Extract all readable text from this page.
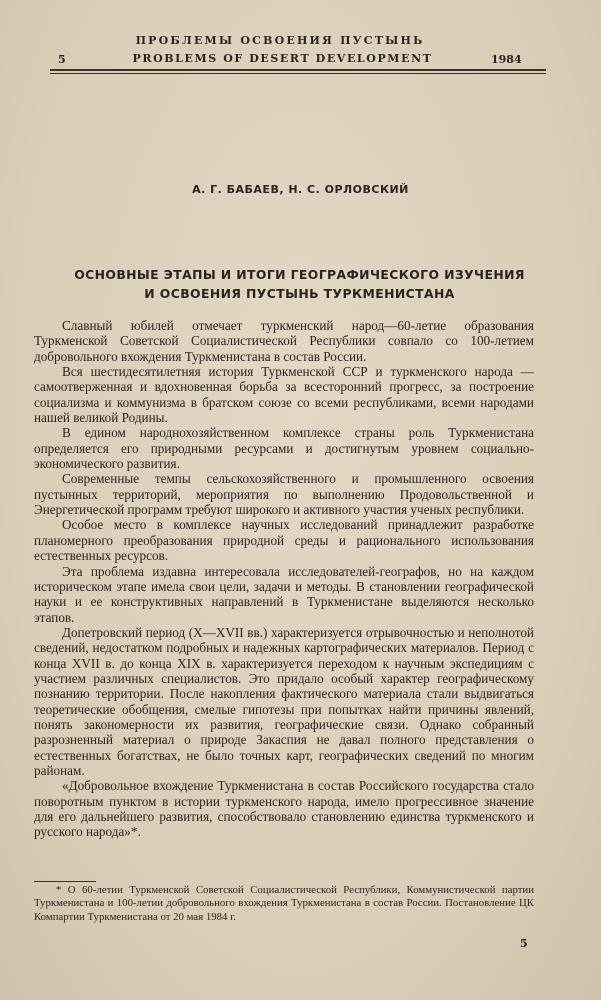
5
ПРОБЛЕМЫ ОСВОЕНИЯ ПУСТЫНЬ
PROBLEMS OF DESERT DEVELOPMENT	1984
А. Г. БАБАЕВ, Н. С. ОРЛОВСКИЙ
ОСНОВНЫЕ ЭТАПЫ И ИТОГИ ГЕОГРАФИЧЕСКОГО ИЗУЧЕНИЯ
И ОСВОЕНИЯ ПУСТЫНЬ ТУРКМЕНИСТАНА

Славный юбилей отмечает туркменский народ—60-летие образования Туркменской Советской Социалистической Республики совпало со 100-летием добровольного вхождения Туркменистана в состав России.

Вся шестидесятилетняя история Туркменской ССР и туркменского народа — самоотверженная и вдохновенная борьба за всесторонний прогресс, за построение социализма и коммунизма в братском союзе со всеми республиками, всеми народами нашей великой Родины.

В едином народнохозяйственном комплексе страны роль Туркменистана определяется его природными ресурсами и достигнутым уровнем социально-экономического развития.

Современные темпы сельскохозяйственного и промышленного освоения пустынных территорий, мероприятия по выполнению Продовольственной и Энергетической программ требуют широкого и активного участия ученых республики.

Особое место в комплексе научных исследований принадлежит разработке планомерного преобразования природной среды и рационального использования естественных ресурсов.

Эта проблема издавна интересовала исследователей-географов, но на каждом историческом этапе имела свои цели, задачи и методы. В становлении географической науки и ее конструктивных направлений в Туркменистане выделяются несколько этапов.

Допетровский период (X—XVII вв.) характеризуется отрывочностью и неполнотой сведений, недостатком подробных и надежных картографических материалов. Период с конца XVII в. до конца XIX в. характеризуется переходом к научным экспедициям с участием различных специалистов. Это придало особый характер географическому познанию территории. После накопления фактического материала стали выдвигаться теоретические обобщения, смелые гипотезы при попытках найти причины явлений, понять закономерности их развития, географические связи. Однако собранный разрозненный материал о природе Закаспия не давал полного представления о естественных богатствах, не было точных карт, географических сведений по многим районам.

«Добровольное вхождение Туркменистана в состав Российского государства стало поворотным пунктом в истории туркменского народа, имело прогрессивное значение для его дальнейшего развития, способствовало становлению единства туркменского и русского народа»*.

* О 60-летии Туркменской Советской Социалистической Республики, Коммунистической партии Туркменистана и 100-летии добровольного вхождения Туркменистана в состав России. Постановление ЦК Компартии Туркменистана от 20 мая 1984 г.
5
